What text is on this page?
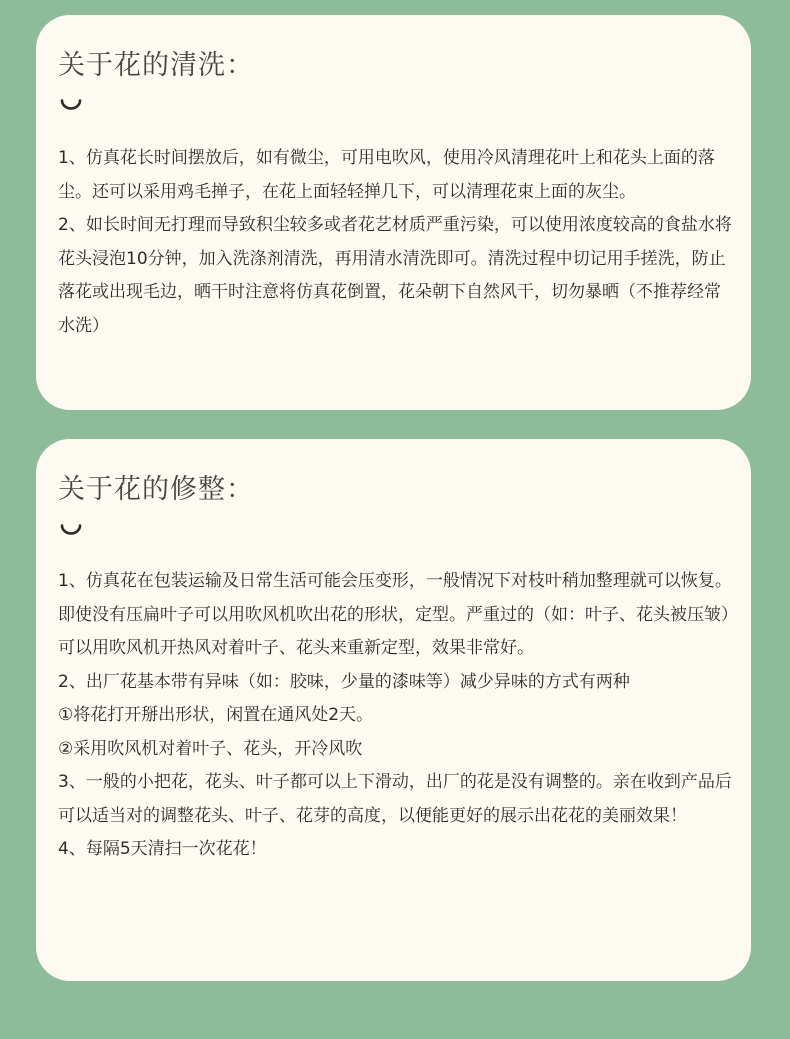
关于花的清洗：

1、仿真花长时间摆放后，如有微尘，可用电吹风，使用冷风清理花叶上和花头上面的落尘。还可以采用鸡毛掸子，在花上面轻轻掸几下，可以清理花束上面的灰尘。

2、如长时间无打理而导致积尘较多或者花艺材质严重污染，可以使用浓度较高的食盐水将花头浸泡10分钟，加入洗涤剂清洗，再用清水清洗即可。清洗过程中切记用手搓洗，防止落花或出现毛边，晒干时注意将仿真花倒置，花朵朝下自然风干，切勿暴晒（不推荐经常水洗）

关于花的修整：

1、仿真花在包装运输及日常生活可能会压变形，一般情况下对枝叶稍加整理就可以恢复。即使没有压扁叶子可以用吹风机吹出花的形状，定型。严重过的（如：叶子、花头被压皱）可以用吹风机开热风对着叶子、花头来重新定型，效果非常好。

2、出厂花基本带有异味（如：胶味，少量的漆味等）减少异味的方式有两种

①将花打开掰出形状，闲置在通风处2天。

②采用吹风机对着叶子、花头，开冷风吹

3、一般的小把花，花头、叶子都可以上下滑动，出厂的花是没有调整的。亲在收到产品后可以适当对的调整花头、叶子、花芽的高度，以便能更好的展示出花花的美丽效果！

4、每隔5天清扫一次花花！
